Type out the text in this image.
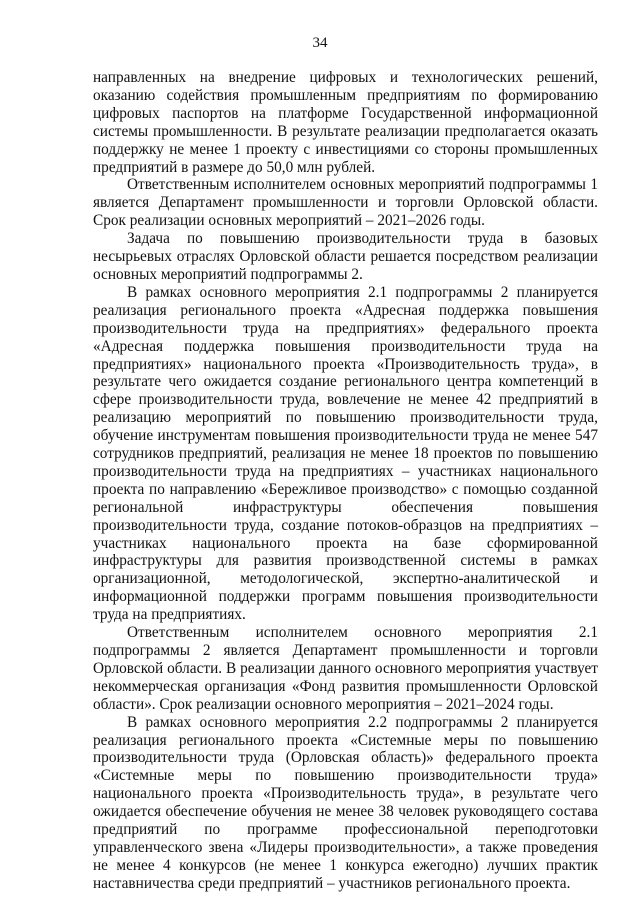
34

направленных на внедрение цифровых и технологических решений, оказанию содействия промышленным предприятиям по формированию цифровых паспортов на платформе Государственной информационной системы промышленности. В результате реализации предполагается оказать поддержку не менее 1 проекту с инвестициями со стороны промышленных предприятий в размере до 50,0 млн рублей.

Ответственным исполнителем основных мероприятий подпрограммы 1 является Департамент промышленности и торговли Орловской области. Срок реализации основных мероприятий – 2021–2026 годы.

Задача по повышению производительности труда в базовых несырьевых отраслях Орловской области решается посредством реализации основных мероприятий подпрограммы 2.

В рамках основного мероприятия 2.1 подпрограммы 2 планируется реализация регионального проекта «Адресная поддержка повышения производительности труда на предприятиях» федерального проекта «Адресная поддержка повышения производительности труда на предприятиях» национального проекта «Производительность труда», в результате чего ожидается создание регионального центра компетенций в сфере производительности труда, вовлечение не менее 42 предприятий в реализацию мероприятий по повышению производительности труда, обучение инструментам повышения производительности труда не менее 547 сотрудников предприятий, реализация не менее 18 проектов по повышению производительности труда на предприятиях – участниках национального проекта по направлению «Бережливое производство» с помощью созданной региональной инфраструктуры обеспечения повышения производительности труда, создание потоков-образцов на предприятиях – участниках национального проекта на базе сформированной инфраструктуры для развития производственной системы в рамках организационной, методологической, экспертно-аналитической и информационной поддержки программ повышения производительности труда на предприятиях.

Ответственным исполнителем основного мероприятия 2.1 подпрограммы 2 является Департамент промышленности и торговли Орловской области. В реализации данного основного мероприятия участвует некоммерческая организация «Фонд развития промышленности Орловской области». Срок реализации основного мероприятия – 2021–2024 годы.

В рамках основного мероприятия 2.2 подпрограммы 2 планируется реализация регионального проекта «Системные меры по повышению производительности труда (Орловская область)» федерального проекта «Системные меры по повышению производительности труда» национального проекта «Производительность труда», в результате чего ожидается обеспечение обучения не менее 38 человек руководящего состава предприятий по программе профессиональной переподготовки управленческого звена «Лидеры производительности», а также проведения не менее 4 конкурсов (не менее 1 конкурса ежегодно) лучших практик наставничества среди предприятий – участников регионального проекта.
